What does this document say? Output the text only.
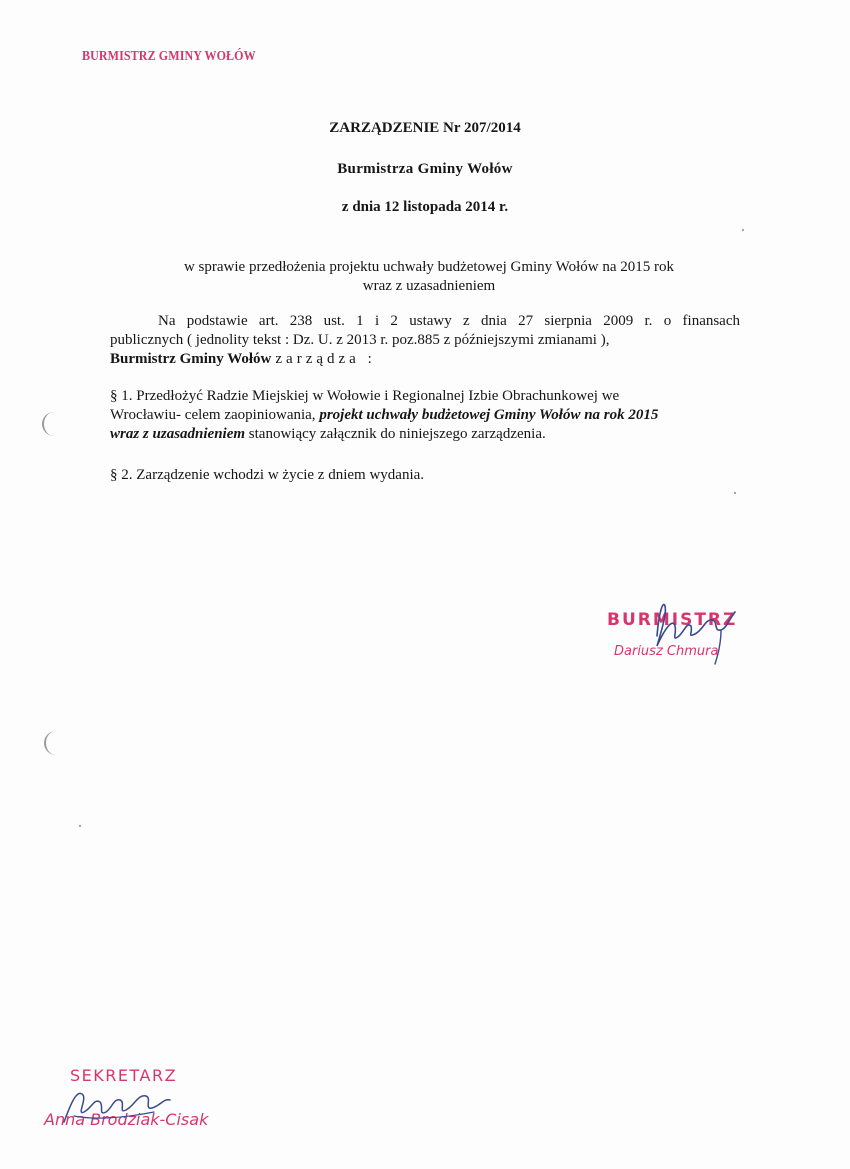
BURMISTRZ GMINY WOŁÓW
ZARZĄDZENIE Nr 207/2014
Burmistrza Gminy Wołów
z dnia 12 listopada 2014 r.
w sprawie przedłożenia projektu uchwały budżetowej Gminy Wołów na 2015 rok
wraz z uzasadnieniem
Na podstawie art. 238 ust. 1 i 2 ustawy z dnia 27 sierpnia 2009 r. o finansach
publicznych ( jednolity tekst : Dz. U. z 2013 r. poz.885 z późniejszymi zmianami ),
Burmistrz Gminy Wołów zarządza :
§ 1. Przedłożyć Radzie Miejskiej w Wołowie i Regionalnej Izbie Obrachunkowej we
Wrocławiu- celem zaopiniowania, projekt uchwały budżetowej Gminy Wołów na rok 2015
wraz z uzasadnieniem stanowiący załącznik do niniejszego zarządzenia.
§ 2. Zarządzenie wchodzi w życie z dniem wydania.
BURMISTRZ
Dariusz Chmura
SEKRETARZ
Anna Brodziak-Cisak
